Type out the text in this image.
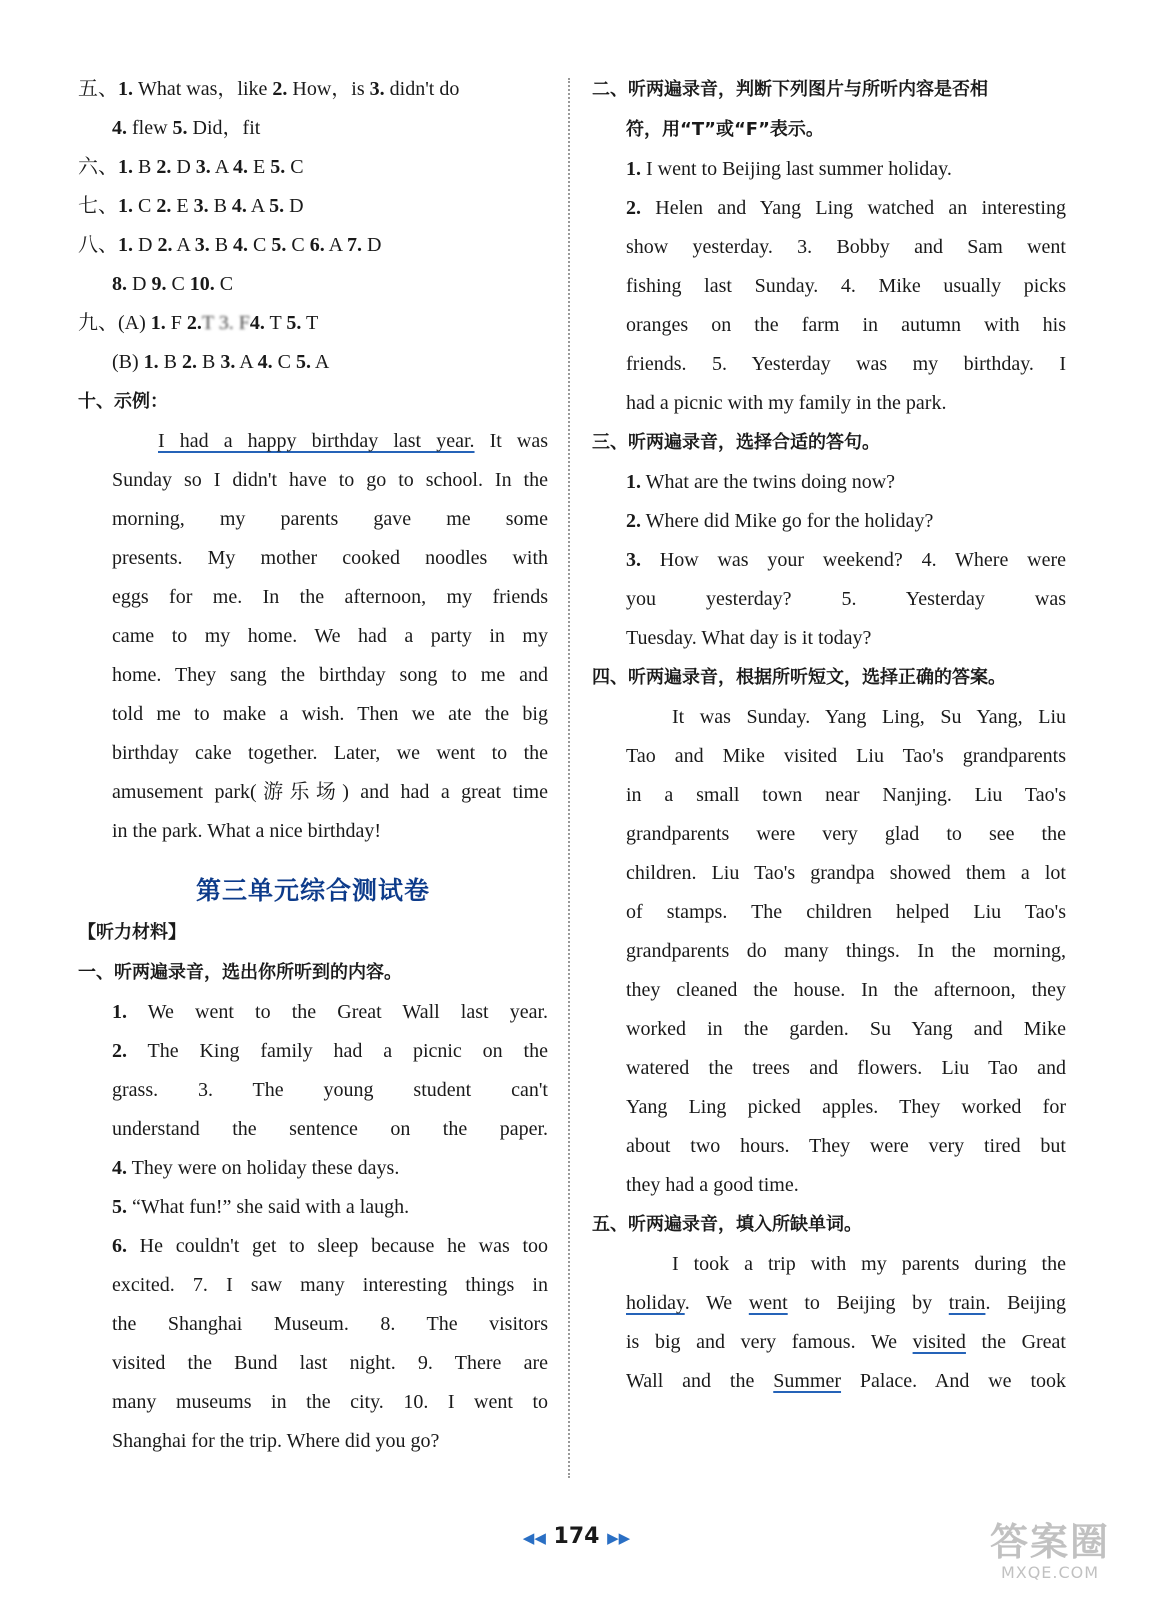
五、1. What was，like 2. How，is 3. didn't do
4. flew 5. Did，fit
六、1. B 2. D 3. A 4. E 5. C
七、1. C 2. E 3. B 4. A 5. D
八、1. D 2. A 3. B 4. C 5. C 6. A 7. D
8. D 9. C 10. C
九、(A) 1. F 2.T 3. F4. T 5. T
(B) 1. B 2. B 3. A 4. C 5. A
十、示例：
I had a happy birthday last year. It was
Sunday so I didn't have to go to school. In the
morning, my parents gave me some
presents. My mother cooked noodles with
eggs for me. In the afternoon, my friends
came to my home. We had a party in my
home. They sang the birthday song to me and
told me to make a wish. Then we ate the big
birthday cake together. Later, we went to the
amusement park(游乐场) and had a great time
in the park. What a nice birthday!
第三单元综合测试卷
【听力材料】
一、听两遍录音，选出你所听到的内容。
1. We went to the Great Wall last year.
2. The King family had a picnic on the
grass. 3. The young student can't
understand the sentence on the paper.
4. They were on holiday these days.
5. “What fun!” she said with a laugh.
6. He couldn't get to sleep because he was too
excited. 7. I saw many interesting things in
the Shanghai Museum. 8. The visitors
visited the Bund last night. 9. There are
many museums in the city. 10. I went to
Shanghai for the trip. Where did you go?
二、听两遍录音，判断下列图片与所听内容是否相
符，用“T”或“F”表示。
1. I went to Beijing last summer holiday.
2. Helen and Yang Ling watched an interesting
show yesterday. 3. Bobby and Sam went
fishing last Sunday. 4. Mike usually picks
oranges on the farm in autumn with his
friends. 5. Yesterday was my birthday. I
had a picnic with my family in the park.
三、听两遍录音，选择合适的答句。
1. What are the twins doing now?
2. Where did Mike go for the holiday?
3. How was your weekend? 4. Where were
you yesterday? 5. Yesterday was
Tuesday. What day is it today?
四、听两遍录音，根据所听短文，选择正确的答案。
It was Sunday. Yang Ling, Su Yang, Liu
Tao and Mike visited Liu Tao's grandparents
in a small town near Nanjing. Liu Tao's
grandparents were very glad to see the
children. Liu Tao's grandpa showed them a lot
of stamps. The children helped Liu Tao's
grandparents do many things. In the morning,
they cleaned the house. In the afternoon, they
worked in the garden. Su Yang and Mike
watered the trees and flowers. Liu Tao and
Yang Ling picked apples. They worked for
about two hours. They were very tired but
they had a good time.
五、听两遍录音，填入所缺单词。
I took a trip with my parents during the
holiday. We went to Beijing by train. Beijing
is big and very famous. We visited the Great
Wall and the Summer Palace. And we took
◀◀ 174 ▶▶	答案圈
MXQE.COM
